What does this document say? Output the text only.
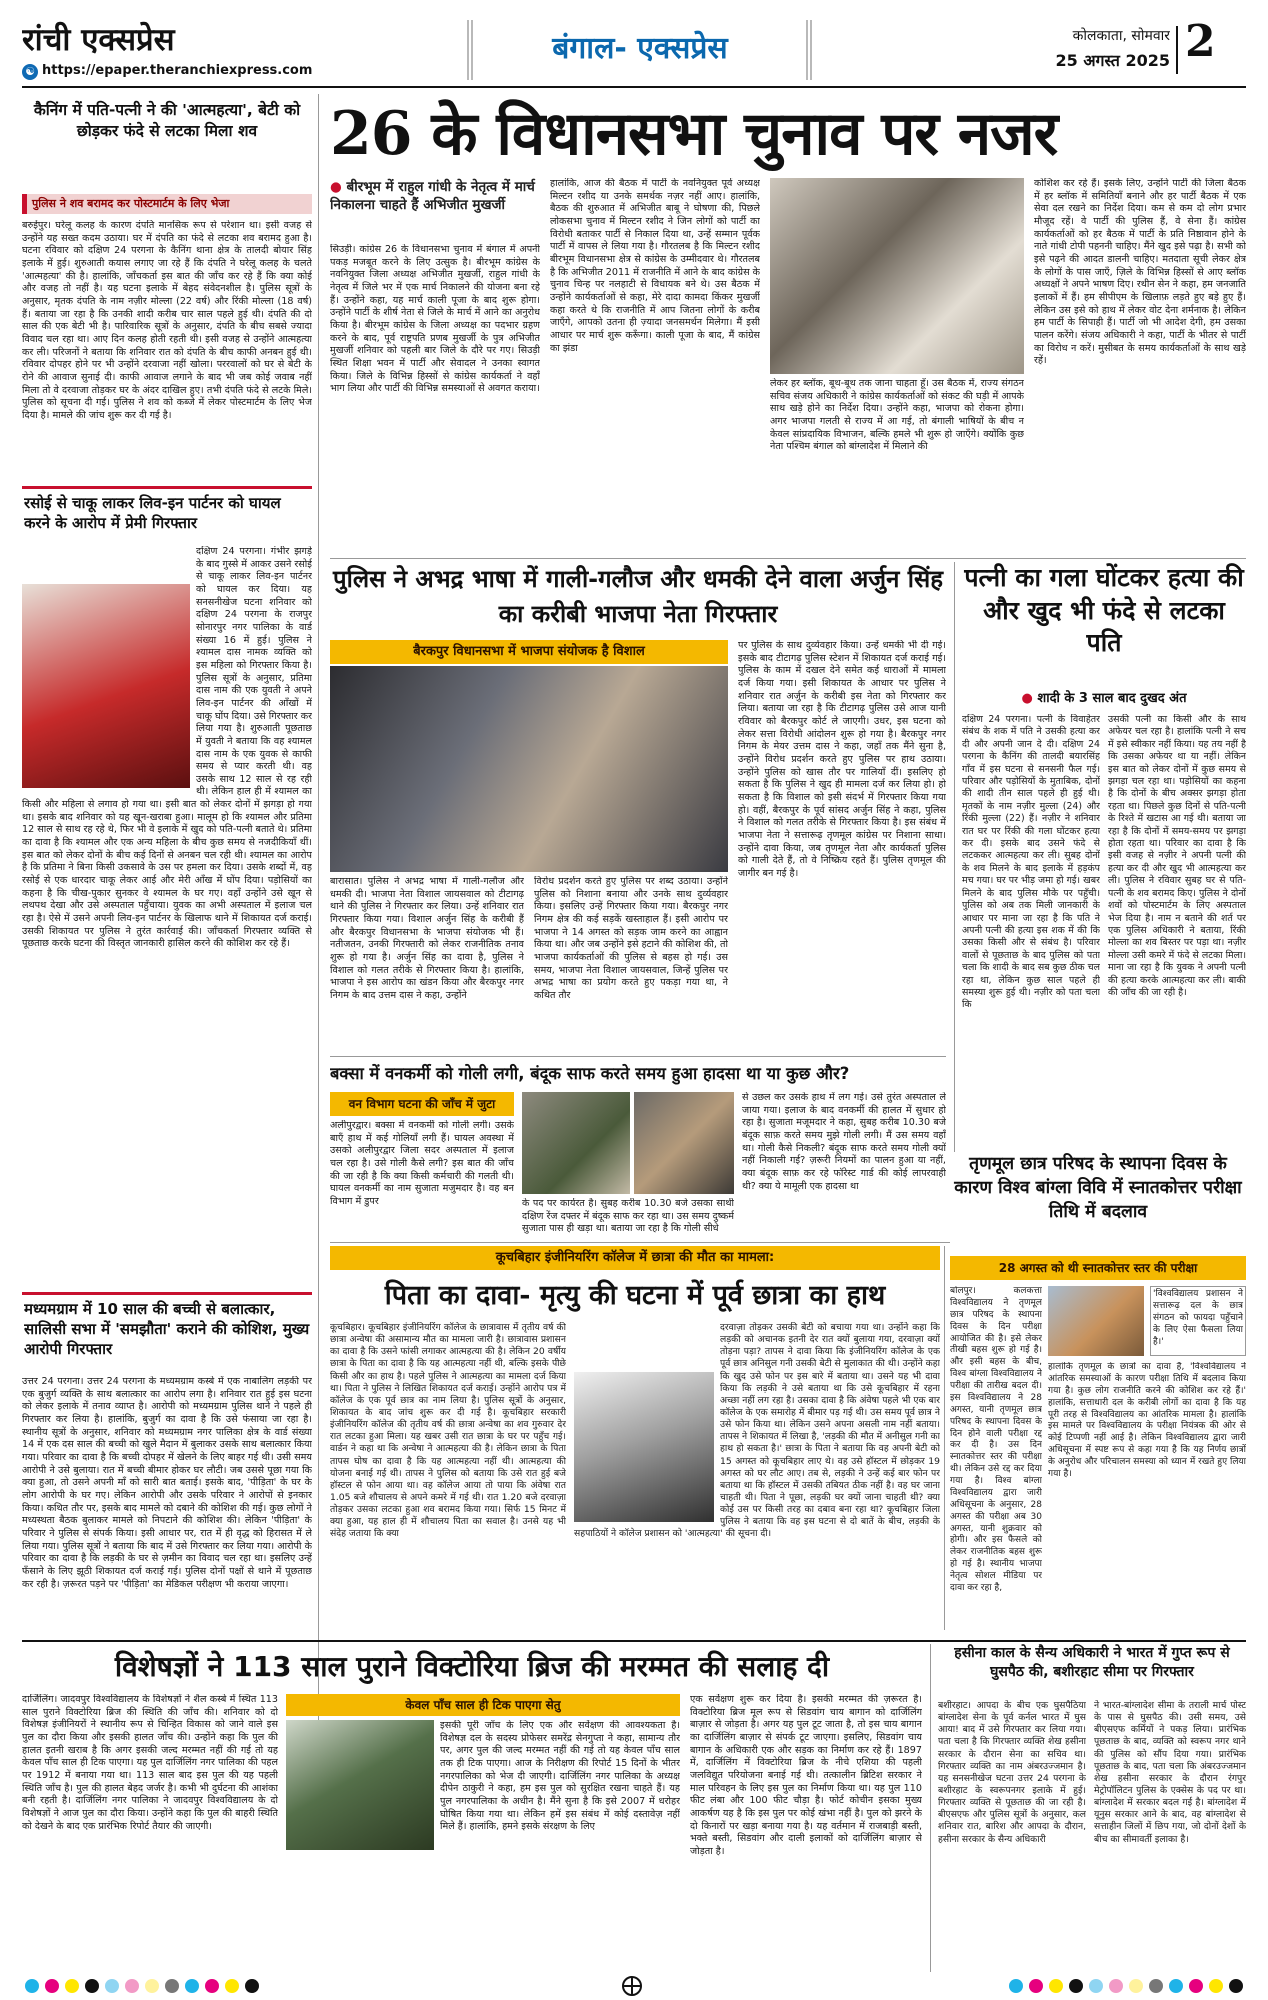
रांची एक्सप्रेस
☯ https://epaper.theranchiexpress.com
बंगाल- एक्सप्रेस	कोलकाता, सोमवार
25 अगस्त 2025 2
कैनिंग में पति-पत्नी ने की 'आत्महत्या', बेटी को छोड़कर फंदे से लटका मिला शव
पुलिस ने शव बरामद कर पोस्टमार्टम के लिए भेजा
बरुईपुर। घरेलू कलह के कारण दंपति मानसिक रूप से परेशान था। इसी वजह से उन्होंने यह सख्त कदम उठाया। घर में दंपति का फंदे से लटका शव बरामद हुआ है। घटना रविवार को दक्षिण 24 परगना के कैनिंग थाना क्षेत्र के तालदी बोयार सिंह इलाके में हुई। शुरुआती कयास लगाए जा रहे हैं कि दंपति ने घरेलू कलह के चलते 'आत्महत्या' की है। हालांकि, जाँचकर्ता इस बात की जाँच कर रहे हैं कि क्या कोई और वजह तो नहीं है। यह घटना इलाके में बेहद संवेदनशील है। पुलिस सूत्रों के अनुसार, मृतक दंपति के नाम नज़ीर मोल्ला (22 वर्ष) और रिंकी मोल्ला (18 वर्ष) हैं। बताया जा रहा है कि उनकी शादी करीब चार साल पहले हुई थी। दंपति की दो साल की एक बेटी भी है। पारिवारिक सूत्रों के अनुसार, दंपति के बीच सबसे ज्यादा विवाद चल रहा था। आए दिन कलह होती रहती थी। इसी वजह से उन्होंने आत्महत्या कर ली। परिजनों ने बताया कि शनिवार रात को दंपति के बीच काफी अनबन हुई थी। रविवार दोपहर होने पर भी उन्होंने दरवाजा नहीं खोला। पररवालों को घर से बेटी के रोने की आवाज सुनाई दी। काफी आवाज लगाने के बाद भी जब कोई जवाब नहीं मिला तो वे दरवाजा तोड़कर घर के अंदर दाखिल हुए। तभी दंपति फंदे से लटके मिले। पुलिस को सूचना दी गई। पुलिस ने शव को कब्जे में लेकर पोस्टमार्टम के लिए भेज दिया है। मामले की जांच शुरू कर दी गई है।
रसोई से चाकू लाकर लिव-इन पार्टनर को घायल करने के आरोप में प्रेमी गिरफ्तार
दक्षिण 24 परगना। गंभीर झगड़े के बाद गुस्से में आकर उसने रसोई से चाकू लाकर लिव-इन पार्टनर को घायल कर दिया। यह सनसनीखेज घटना शनिवार को दक्षिण 24 परगना के राजपुर सोनारपुर नगर पालिका के वार्ड संख्या 16 में हुई। पुलिस ने श्यामल दास नामक व्यक्ति को इस महिला को गिरफ्तार किया है। पुलिस सूत्रों के अनुसार, प्रतिमा दास नाम की एक युवती ने अपने लिव-इन पार्टनर की आँखों में चाकू घोंप दिया। उसे गिरफ्तार कर लिया गया है। शुरुआती पूछताछ में युवती ने बताया कि वह श्यामल दास नाम के एक युवक से काफी समय से प्यार करती थी। वह उसके साथ 12 साल से रह रही थी। लेकिन हाल ही में श्यामल का किसी और महिला से लगाव हो गया था। इसी बात को लेकर दोनों में झगड़ा हो गया था। इसके बाद शनिवार को यह खून-खराबा हुआ। मालूम हो कि श्यामल और प्रतिमा 12 साल से साथ रह रहे थे, फिर भी वे इलाके में खुद को पति-पत्नी बताते थे। प्रतिमा का दावा है कि श्यामल और एक अन्य महिला के बीच कुछ समय से नजदीकियाँ थीं। इस बात को लेकर दोनों के बीच कई दिनों से अनबन चल रही थी। श्यामल का आरोप है कि प्रतिमा ने बिना किसी उकसावे के उस पर हमला कर दिया। उसके शब्दों में, वह रसोई से एक धारदार चाकू लेकर आई और मेरी आँख में घोंप दिया। पड़ोसियों का कहना है कि चीख-पुकार सुनकर वे श्यामल के घर गए। वहाँ उन्होंने उसे खून से लथपथ देखा और उसे अस्पताल पहुँचाया। युवक का अभी अस्पताल में इलाज चल रहा है। ऐसे में उसने अपनी लिव-इन पार्टनर के खिलाफ थाने में शिकायत दर्ज कराई। उसकी शिकायत पर पुलिस ने तुरंत कार्रवाई की। जाँचकर्ता गिरफ्तार व्यक्ति से पूछताछ करके घटना की विस्तृत जानकारी हासिल करने की कोशिश कर रहे हैं।
मध्यमग्राम में 10 साल की बच्ची से बलात्कार, सालिसी सभा में 'समझौता' कराने की कोशिश, मुख्य आरोपी गिरफ्तार
उत्तर 24 परगना। उत्तर 24 परगना के मध्यमग्राम कस्बे में एक नाबालिग लड़की पर एक बुजुर्ग व्यक्ति के साथ बलात्कार का आरोप लगा है। शनिवार रात हुई इस घटना को लेकर इलाके में तनाव व्याप्त है। आरोपी को मध्यमग्राम पुलिस थाने ने पहले ही गिरफ्तार कर लिया है। हालांकि, बुजुर्ग का दावा है कि उसे फंसाया जा रहा है। स्थानीय सूत्रों के अनुसार, शनिवार को मध्यमग्राम नगर पालिका क्षेत्र के वार्ड संख्या 14 में एक दस साल की बच्ची को खुले मैदान में बुलाकर उसके साथ बलात्कार किया गया। परिवार का दावा है कि बच्ची दोपहर में खेलने के लिए बाहर गई थी। उसी समय आरोपी ने उसे बुलाया। रात में बच्ची बीमार होकर घर लौटी। जब उससे पूछा गया कि क्या हुआ, तो उसने अपनी माँ को सारी बात बताई। इसके बाद, 'पीड़िता' के घर के लोग आरोपी के घर गए। लेकिन आरोपी और उसके परिवार ने आरोपों से इनकार किया। कथित तौर पर, इसके बाद मामले को दबाने की कोशिश की गई। कुछ लोगों ने मध्यस्थता बैठक बुलाकर मामले को निपटाने की कोशिश की। लेकिन 'पीड़िता' के परिवार ने पुलिस से संपर्क किया। इसी आधार पर, रात में ही वृद्ध को हिरासत में ले लिया गया। पुलिस सूत्रों ने बताया कि बाद में उसे गिरफ्तार कर लिया गया। आरोपी के परिवार का दावा है कि लड़की के घर से ज़मीन का विवाद चल रहा था। इसलिए उन्हें फँसाने के लिए झूठी शिकायत दर्ज कराई गई। पुलिस दोनों पक्षों से थाने में पूछताछ कर रही है। ज़रूरत पड़ने पर 'पीड़िता' का मेडिकल परीक्षण भी कराया जाएगा।
26 के विधानसभा चुनाव पर नजर
● बीरभूम में राहुल गांधी के नेतृत्व में मार्च निकालना चाहते हैं अभिजीत मुखर्जी
सिउड़ी। कांग्रेस 26 के विधानसभा चुनाव में बंगाल में अपनी पकड़ मजबूत करने के लिए उत्सुक है। बीरभूम कांग्रेस के नवनियुक्त जिला अध्यक्ष अभिजीत मुखर्जी, राहुल गांधी के नेतृत्व में जिले भर में एक मार्च निकालने की योजना बना रहे हैं। उन्होंने कहा, यह मार्च काली पूजा के बाद शुरू होगा। उन्होंने पार्टी के शीर्ष नेता से जिले के मार्च में आने का अनुरोध किया है। बीरभूम कांग्रेस के जिला अध्यक्ष का पदभार ग्रहण करने के बाद, पूर्व राष्ट्रपति प्रणब मुखर्जी के पुत्र अभिजीत मुखर्जी शनिवार को पहली बार जिले के दौरे पर गए। सिउड़ी स्थित शिक्षा भवन में पार्टी और सेवादल ने उनका स्वागत किया। जिले के विभिन्न हिस्सों से कांग्रेस कार्यकर्ता ने वहाँ भाग लिया और पार्टी की विभिन्न समस्याओं से अवगत कराया।
हालांकि, आज की बैठक में पार्टी के नवनियुक्त पूर्व अध्यक्ष मिल्टन रशीद या उनके समर्थक नज़र नहीं आए। हालांकि, बैठक की शुरुआत में अभिजीत बाबू ने घोषणा की, पिछले लोकसभा चुनाव में मिल्टन रशीद ने जिन लोगों को पार्टी का विरोधी बताकर पार्टी से निकाल दिया था, उन्हें सम्मान पूर्वक पार्टी में वापस ले लिया गया है। गौरतलब है कि मिल्टन रशीद बीरभूम विधानसभा क्षेत्र से कांग्रेस के उम्मीदवार थे। गौरतलब है कि अभिजीत 2011 में राजनीति में आने के बाद कांग्रेस के चुनाव चिन्ह पर नलहाटी से विधायक बने थे। उस बैठक में उन्होंने कार्यकर्ताओं से कहा, मेरे दादा कामदा किंकर मुखर्जी कहा करते थे कि राजनीति में आप जितना लोगों के करीब जाएँगे, आपको उतना ही ज़्यादा जनसमर्थन मिलेगा। मैं इसी आधार पर मार्च शुरू करूँगा। काली पूजा के बाद, मैं कांग्रेस का झंडा
लेकर हर ब्लॉक, बूथ-बूथ तक जाना चाहता हूँ। उस बैठक में, राज्य संगठन सचिव संजय अधिकारी ने कांग्रेस कार्यकर्ताओं को संकट की घड़ी में आपके साथ खड़े होने का निर्देश दिया। उन्होंने कहा, भाजपा को रोकना होगा। अगर भाजपा गलती से राज्य में आ गई, तो बंगाली भाषियों के बीच न केवल सांप्रदायिक विभाजन, बल्कि हमले भी शुरू हो जाएँगे। क्योंकि कुछ नेता पश्चिम बंगाल को बांग्लादेश में मिलाने की
कोशिश कर रहे हैं। इसके लिए, उन्होंने पार्टी की जिला बैठक में हर ब्लॉक में समितियाँ बनाने और हर पार्टी बैठक में एक सेवा दल रखने का निर्देश दिया। कम से कम दो लोग प्रभार मौजूद रहें। वे पार्टी की पुलिस हैं, वे सेना हैं। कांग्रेस कार्यकर्ताओं को हर बैठक में पार्टी के प्रति निष्ठावान होने के नाते गांधी टोपी पहननी चाहिए। मैंने खुद इसे पढ़ा है। सभी को इसे पढ़ने की आदत डालनी चाहिए। मतदाता सूची लेकर क्षेत्र के लोगों के पास जाएँ, ज़िले के विभिन्न हिस्सों से आए ब्लॉक अध्यक्षों ने अपने भाषण दिए। रथीन सेन ने कहा, हम जनजाति इलाकों में हैं। हम सीपीएम के खिलाफ़ लड़ते हुए बड़े हुए हैं। लेकिन उस इसे को हाथ में लेकर वोट देना शर्मनाक है। लेकिन हम पार्टी के सिपाही हैं। पार्टी जो भी आदेश देगी, हम उसका पालन करेंगे। संजय अधिकारी ने कहा, पार्टी के भीतर से पार्टी का विरोध न करें। मुसीबत के समय कार्यकर्ताओं के साथ खड़े रहें।
पुलिस ने अभद्र भाषा में गाली-गलौज और धमकी देने वाला अर्जुन सिंह का करीबी भाजपा नेता गिरफ्तार
बैरकपुर विधानसभा में भाजपा संयोजक है विशाल
बारासात। पुलिस ने अभद्र भाषा में गाली-गलौज और धमकी दी। भाजपा नेता विशाल जायसवाल को टीटागढ़ थाने की पुलिस ने गिरफ्तार कर लिया। उन्हें शनिवार रात गिरफ्तार किया गया। विशाल अर्जुन सिंह के करीबी हैं और बैरकपुर विधानसभा के भाजपा संयोजक भी हैं। नतीजतन, उनकी गिरफ्तारी को लेकर राजनीतिक तनाव शुरू हो गया है। अर्जुन सिंह का दावा है, पुलिस ने विशाल को गलत तरीके से गिरफ्तार किया है। हालांकि, भाजपा ने इस आरोप का खंडन किया और बैरकपुर नगर निगम के बाद उत्तम दास ने कहा, उन्होंने
विरोध प्रदर्शन करते हुए पुलिस पर शब्द उठाया। उन्होंने पुलिस को निशाना बनाया और उनके साथ दुर्व्यवहार किया। इसलिए उन्हें गिरफ्तार किया गया। बैरकपुर नगर निगम क्षेत्र की कई सड़कें खस्ताहाल हैं। इसी आरोप पर भाजपा ने 14 अगस्त को सड़क जाम करने का आह्वान किया था। और जब उन्होंने इसे हटाने की कोशिश की, तो भाजपा कार्यकर्ताओं की पुलिस से बहस हो गई। उस समय, भाजपा नेता विशाल जायसवाल, जिन्हें पुलिस पर अभद्र भाषा का प्रयोग करते हुए पकड़ा गया था, ने कथित तौर
पर पुलिस के साथ दुर्व्यवहार किया। उन्हें धमकी भी दी गई। इसके बाद टीटागढ़ पुलिस स्टेशन में शिकायत दर्ज कराई गई। पुलिस के काम में दखल देने समेत कई धाराओं में मामला दर्ज किया गया। इसी शिकायत के आधार पर पुलिस ने शनिवार रात अर्जुन के करीबी इस नेता को गिरफ्तार कर लिया। बताया जा रहा है कि टीटागढ़ पुलिस उसे आज यानी रविवार को बैरकपुर कोर्ट ले जाएगी। उधर, इस घटना को लेकर सत्ता विरोधी आंदोलन शुरू हो गया है। बैरकपुर नगर निगम के मेयर उत्तम दास ने कहा, जहाँ तक मैंने सुना है, उन्होंने विरोध प्रदर्शन करते हुए पुलिस पर हाथ उठाया। उन्होंने पुलिस को खास तौर पर गालियाँ दीं। इसलिए हो सकता है कि पुलिस ने खुद ही मामला दर्ज कर लिया हो। हो सकता है कि विशाल को इसी संदर्भ में गिरफ्तार किया गया हो। वहीं, बैरकपुर के पूर्व सांसद अर्जुन सिंह ने कहा, पुलिस ने विशाल को गलत तरीके से गिरफ्तार किया है। इस संबंध में भाजपा नेता ने सत्तारूढ़ तृणमूल कांग्रेस पर निशाना साधा। उन्होंने दावा किया, जब तृणमूल नेता और कार्यकर्ता पुलिस को गाली देते हैं, तो वे निष्क्रिय रहते हैं। पुलिस तृणमूल की जागीर बन गई है।
पत्नी का गला घोंटकर हत्या की और खुद भी फंदे से लटका पति
● शादी के 3 साल बाद दुखद अंत
दक्षिण 24 परगना। पत्नी के विवाहेतर संबंध के शक में पति ने उसकी हत्या कर दी और अपनी जान दे दी। दक्षिण 24 परगना के कैनिंग की तालदी बयारसिंह गाँव में इस घटना से सनसनी फैल गई। परिवार और पड़ोसियों के मुताबिक, दोनों की शादी तीन साल पहले ही हुई थी। मृतकों के नाम नज़ीर मुल्ला (24) और रिंकी मुल्ला (22) हैं। नज़ीर ने शनिवार रात घर पर रिंकी की गला घोंटकर हत्या कर दी। इसके बाद उसने फंदे से लटककर आत्महत्या कर ली। सुबह दोनों के शव मिलने के बाद इलाके में हड़कंप मच गया। घर पर भीड़ जमा हो गई। खबर मिलने के बाद पुलिस मौके पर पहुँची। पुलिस को अब तक मिली जानकारी के आधार पर माना जा रहा है कि पति ने अपनी पत्नी की हत्या इस शक में की कि उसका किसी और से संबंध है। परिवार वालों से पूछताछ के बाद पुलिस को पता चला कि शादी के बाद सब कुछ ठीक चल रहा था, लेकिन कुछ साल पहले ही समस्या शुरू हुई थी। नज़ीर को पता चला कि
उसकी पत्नी का किसी और के साथ अफेयर चल रहा है। हालांकि पत्नी ने सच में इसे स्वीकार नहीं किया। यह तय नहीं है कि उसका अफेयर था या नहीं। लेकिन इस बात को लेकर दोनों में कुछ समय से झगड़ा चल रहा था। पड़ोसियों का कहना है कि दोनों के बीच अक्सर झगड़ा होता रहता था। पिछले कुछ दिनों से पति-पत्नी के रिश्ते में खटास आ गई थी। बताया जा रहा है कि दोनों में समय-समय पर झगड़ा होता रहता था। परिवार का दावा है कि इसी वजह से नज़ीर ने अपनी पत्नी की हत्या कर दी और खुद भी आत्महत्या कर ली। पुलिस ने रविवार सुबह घर से पति-पत्नी के शव बरामद किए। पुलिस ने दोनों शवों को पोस्टमार्टम के लिए अस्पताल भेज दिया है। नाम न बताने की शर्त पर एक पुलिस अधिकारी ने बताया, रिंकी मोल्ला का शव बिस्तर पर पड़ा था। नज़ीर मोल्ला उसी कमरे में फंदे से लटका मिला। माना जा रहा है कि युवक ने अपनी पत्नी की हत्या करके आत्महत्या कर ली। बाकी की जाँच की जा रही है।
बक्सा में वनकर्मी को गोली लगी, बंदूक साफ करते समय हुआ हादसा था या कुछ और?
वन विभाग घटना की जाँच में जुटा
अलीपुरद्वार। बक्सा में वनकर्मी को गोली लगी। उसके बाएँ हाथ में कई गोलियाँ लगी हैं। घायल अवस्था में उसको अलीपुरद्वार जिला सदर अस्पताल में इलाज चल रहा है। उसे गोली कैसे लगी? इस बात की जाँच की जा रही है कि क्या किसी कर्मचारी की गलती थी। घायल वनकर्मी का नाम सुजाता मजुमदार है। वह बन विभाग में डुपर	के पद पर कार्यरत है। सुबह करीब 10.30 बजे उसका साथी दक्षिण रेंज दफ्तर में बंदूक साफ कर रहा था। उस समय दुष्कर्म सुजाता पास ही खड़ा था। बताया जा रहा है कि गोली सीधे
से उछल कर उसके हाथ में लग गई। उसे तुरंत अस्पताल ले जाया गया। इलाज के बाद वनकर्मी की हालत में सुधार हो रहा है। सुजाता मजूमदार ने कहा, सुबह करीब 10.30 बजे बंदूक साफ़ करते समय मुझे गोली लगी। मैं उस समय वहाँ था। गोली कैसे निकली? बंदूक साफ करते समय गोली क्यों नहीं निकाली गई? ज़रूरी नियमों का पालन हुआ या नहीं, क्या बंदूक साफ़ कर रहे फॉरेस्ट गार्ड की कोई लापरवाही थी? क्या ये मामूली एक हादसा था
तृणमूल छात्र परिषद के स्थापना दिवस के कारण विश्व बांग्ला विवि में स्नातकोत्तर परीक्षा तिथि में बदलाव
28 अगस्त को थी स्नातकोत्तर स्तर की परीक्षा
बोलपुर। कलकत्ता विश्वविद्यालय ने तृणमूल छात्र परिषद के स्थापना दिवस के दिन परीक्षा आयोजित की है। इसे लेकर तीखी बहस शुरू हो गई है। और इसी बहस के बीच, विश्व बांग्ला विश्वविद्यालय ने परीक्षा की तारीख बदल दी। इस विश्वविद्यालय ने 28 अगस्त, यानी तृणमूल छात्र परिषद के स्थापना दिवस के दिन होने वाली परीक्षा रद्द कर दी है। उस दिन स्नातकोत्तर स्तर की परीक्षा थी। लेकिन उसे रद्द कर दिया गया है। विश्व बांग्ला विश्वविद्यालय द्वारा जारी अधिसूचना के अनुसार, 28 अगस्त की परीक्षा अब 30 अगस्त, यानी शुक्रवार को होगी। और इस फैसले को लेकर राजनीतिक बहस शुरू हो गई है। स्थानीय भाजपा नेतृत्व सोशल मीडिया पर दावा कर रहा है,
'विश्वविद्यालय प्रशासन ने सत्तारूढ़ दल के छात्र संगठन को फायदा पहुँचाने के लिए ऐसा फैसला लिया है।'
हालांकि तृणमूल के छात्रों का दावा है, 'विश्वविद्यालय ने आंतरिक समस्याओं के कारण परीक्षा तिथि में बदलाव किया गया है। कुछ लोग राजनीति करने की कोशिश कर रहे हैं।' हालांकि, सत्ताधारी दल के करीबी लोगों का दावा है कि यह पूरी तरह से विश्वविद्यालय का आंतरिक मामला है। हालांकि इस मामले पर विश्वविद्यालय के परीक्षा नियंत्रक की ओर से कोई टिप्पणी नहीं आई है। लेकिन विश्वविद्यालय द्वारा जारी अधिसूचना में स्पष्ट रूप से कहा गया है कि यह निर्णय छात्रों के अनुरोध और परिचालन समस्या को ध्यान में रखते हुए लिया गया है।
कूचबिहार इंजीनियरिंग कॉलेज में छात्रा की मौत का मामला:
पिता का दावा- मृत्यु की घटना में पूर्व छात्रा का हाथ
कूचबिहार। कूचबिहार इंजीनियरिंग कॉलेज के छात्रावास में तृतीय वर्ष की छात्रा अन्वेषा की असामान्य मौत का मामला जारी है। छात्रावास प्रशासन का दावा है कि उसने फांसी लगाकर आत्महत्या की है। लेकिन 20 वर्षीय छात्रा के पिता का दावा है कि यह आत्महत्या नहीं थी, बल्कि इसके पीछे किसी और का हाथ है। पहले पुलिस ने आत्महत्या का मामला दर्ज किया था। पिता ने पुलिस ने लिखित शिकायत दर्ज कराई। उन्होंने आरोप पत्र में कॉलेज के एक पूर्व छात्र का नाम लिया है। पुलिस सूत्रों के अनुसार, शिकायत के बाद जांच शुरू कर दी गई है। कूचबिहार सरकारी इंजीनियरिंग कॉलेज की तृतीय वर्ष की छात्रा अन्वेषा का शव गुरुवार देर रात लटका हुआ मिला। यह खबर उसी रात छात्रा के घर पर पहुँच गई। वार्डन ने कहा था कि अन्वेषा ने आत्महत्या की है। लेकिन छात्रा के पिता तापस घोष का दावा है कि यह आत्महत्या नहीं थी। आत्महत्या की योजना बनाई गई थी। तापस ने पुलिस को बताया कि उसे रात हुई बजे हॉस्टल से फोन आया था। वह कॉलेज आया तो पाया कि अंवेषा रात 1.05 बजे शौचालय से अपने कमरे में गई थी। रात 1.20 बजे दरवाज़ा तोड़कर उसका लटका हुआ शव बरामद किया गया। सिर्फ 15 मिनट में क्या हुआ, यह हाल ही में शौचालय पिता का सवाल है। उनसे यह भी संदेह जताया कि क्या
दरवाज़ा तोड़कर उसकी बेटी को बचाया गया था। उन्होंने कहा कि लड़की को अचानक इतनी देर रात क्यों बुलाया गया, दरवाज़ा क्यों तोड़ना पड़ा? तापस ने दावा किया कि इंजीनियरिंग कॉलेज के एक पूर्व छात्र अनिसुल गनी उसकी बेटी से मुलाकात की थी। उन्होंने कहा कि खुद उसे फोन पर इस बारे में बताया था। उसने यह भी दावा किया कि लड़की ने उसे बताया था कि उसे कूचबिहार में रहना अच्छा नहीं लग रहा है। उसका दावा है कि अंवेषा पहले भी एक बार कॉलेज के एक समारोह में बीमार पड़ गई थी। उस समय पूर्व छात्र ने उसे फोन किया था। लेकिन उसने अपना असली नाम नहीं बताया। तापस ने शिकायत में लिखा है, 'लड़की की मौत में अनीसुल गनी का हाथ हो सकता है।' छात्रा के पिता ने बताया कि वह अपनी बेटी को 15 अगस्त को कूचबिहार लाए थे। वह उसे हॉस्टल में छोड़कर 19 अगस्त को घर लौट आए। तब से, लड़की ने उन्हें कई बार फोन पर बताया था कि हॉस्टल में उसकी तबियत ठीक नहीं है। वह घर जाना चाहती थी। पिता ने पूछा, लड़की घर क्यों जाना चाहती थी? क्या कोई उस पर किसी तरह का दबाव बना रहा था? कूचबिहार जिला पुलिस ने बताया कि वह इस घटना से दो बातें के बीच, लड़की के सहपाठियों ने कॉलेज प्रशासन को 'आत्महत्या' की सूचना दी।
विशेषज्ञों ने 113 साल पुराने विक्टोरिया ब्रिज की मरम्मत की सलाह दी
केवल पाँच साल ही टिक पाएगा सेतु
दार्जिलिंग। जादवपुर विश्वविद्यालय के विशेषज्ञों ने शैल कस्बे में स्थित 113 साल पुराने विक्टोरिया ब्रिज की स्थिति की जाँच की। शनिवार को दो विशेषज्ञ इंजीनियरों ने स्थानीय रूप से चिन्हित विकास को जाने वाले इस पुल का दौरा किया और इसकी हालत जाँच की। उन्होंने कहा कि पुल की हालत इतनी खराब है कि अगर इसकी जल्द मरम्मत नहीं की गई तो यह केवल पाँच साल ही टिक पाएगा। यह पुल दार्जिलिंग नगर पालिका की पहल पर 1912 में बनाया गया था। 113 साल बाद इस पुल की यह पहली स्थिति जाँच है। पुल की हालत बेहद जर्जर है। कभी भी दुर्घटना की आशंका बनी रहती है। दार्जिलिंग नगर पालिका ने जादवपुर विश्वविद्यालय के दो विशेषज्ञों ने आज पुल का दौरा किया। उन्होंने कहा कि पुल की बाहरी स्थिति को देखने के बाद एक प्रारंभिक रिपोर्ट तैयार की जाएगी।
इसकी पूरी जाँच के लिए एक और सर्वेक्षण की आवश्यकता है। विशेषज्ञ दल के सदस्य प्रोफेसर समरेंद्र सेनगुप्ता ने कहा, सामान्य तौर पर, अगर पुल की जल्द मरम्मत नहीं की गई तो यह केवल पाँच साल तक ही टिक पाएगा। आज के निरीक्षण की रिपोर्ट 15 दिनों के भीतर नगरपालिका को भेज दी जाएगी। दार्जिलिंग नगर पालिका के अध्यक्ष दीपेन ठाकुरी ने कहा, हम इस पुल को सुरक्षित रखना चाहते हैं। यह पुल नगरपालिका के अधीन है। मैंने सुना है कि इसे 2007 में धरोहर घोषित किया गया था। लेकिन हमें इस संबंध में कोई दस्तावेज़ नहीं मिले हैं। हालांकि, हमने इसके संरक्षण के लिए
एक सर्वेक्षण शुरू कर दिया है। इसकी मरम्मत की ज़रूरत है। विक्टोरिया ब्रिज मूल रूप से सिडवांग चाय बागान को दार्जिलिंग बाज़ार से जोड़ता है। अगर यह पुल टूट जाता है, तो इस चाय बागान का दार्जिलिंग बाज़ार से संपर्क टूट जाएगा। इसलिए, सिडवांग चाय बागान के अधिकारी एक और सड़क का निर्माण कर रहे हैं। 1897 में, दार्जिलिंग में विक्टोरिया ब्रिज के नीचे एशिया की पहली जलविद्युत परियोजना बनाई गई थी। तत्कालीन ब्रिटिश सरकार ने माल परिवहन के लिए इस पुल का निर्माण किया था। यह पुल 110 फीट लंबा और 100 फीट चौड़ा है। फोर्ट कोचीन इसका मुख्य आकर्षण यह है कि इस पुल पर कोई खंभा नहीं है। पुल को झरने के दो किनारों पर खड़ा बनाया गया है। यह वर्तमान में राजबाड़ी बस्ती, भक्ते बस्ती, सिडवांग और दाली इलाकों को दार्जिलिंग बाज़ार से जोड़ता है।
हसीना काल के सैन्य अधिकारी ने भारत में गुप्त रूप से घुसपैठ की, बशीरहाट सीमा पर गिरफ्तार
बशीरहाट। आपदा के बीच एक घुसपैठिया बांग्लादेश सेना के पूर्व कर्नल भारत में घुस आया! बाद में उसे गिरफ्तार कर लिया गया। पता चला है कि गिरफ्तार व्यक्ति शेख हसीना सरकार के दौरान सेना का सचिव था। गिरफ्तार व्यक्ति का नाम अंबरउज्जमान है। यह सनसनीखेज घटना उत्तर 24 परगना के बशीरहाट के स्वरूपनगर इलाके में हुई। गिरफ्तार व्यक्ति से पूछताछ की जा रही है। बीएसएफ और पुलिस सूत्रों के अनुसार, कल शनिवार रात, बारिश और आपदा के दौरान, हसीना सरकार के सैन्य अधिकारी
ने भारत-बांग्लादेश सीमा के तराली मार्च पोस्ट के पास से घुसपैठ की। उसी समय, उसे बीएसएफ कर्मियों ने पकड़ लिया। प्रारंभिक पूछताछ के बाद, व्यक्ति को स्वरूप नगर थाने की पुलिस को सौंप दिया गया। प्रारंभिक पूछताछ के बाद, पता चला कि अंबरउज्जमान शेख हसीना सरकार के दौरान रंगपुर मेट्रोपॉलिटन पुलिस के एक्सेस के पद पर था। बांग्लादेश में सरकार बदल गई है। बांग्लादेश में यूनुस सरकार आने के बाद, वह बांग्लादेश से सत्ताहीन जिलों में छिप गया, जो दोनों देशों के बीच का सीमावर्ती इलाका है।
